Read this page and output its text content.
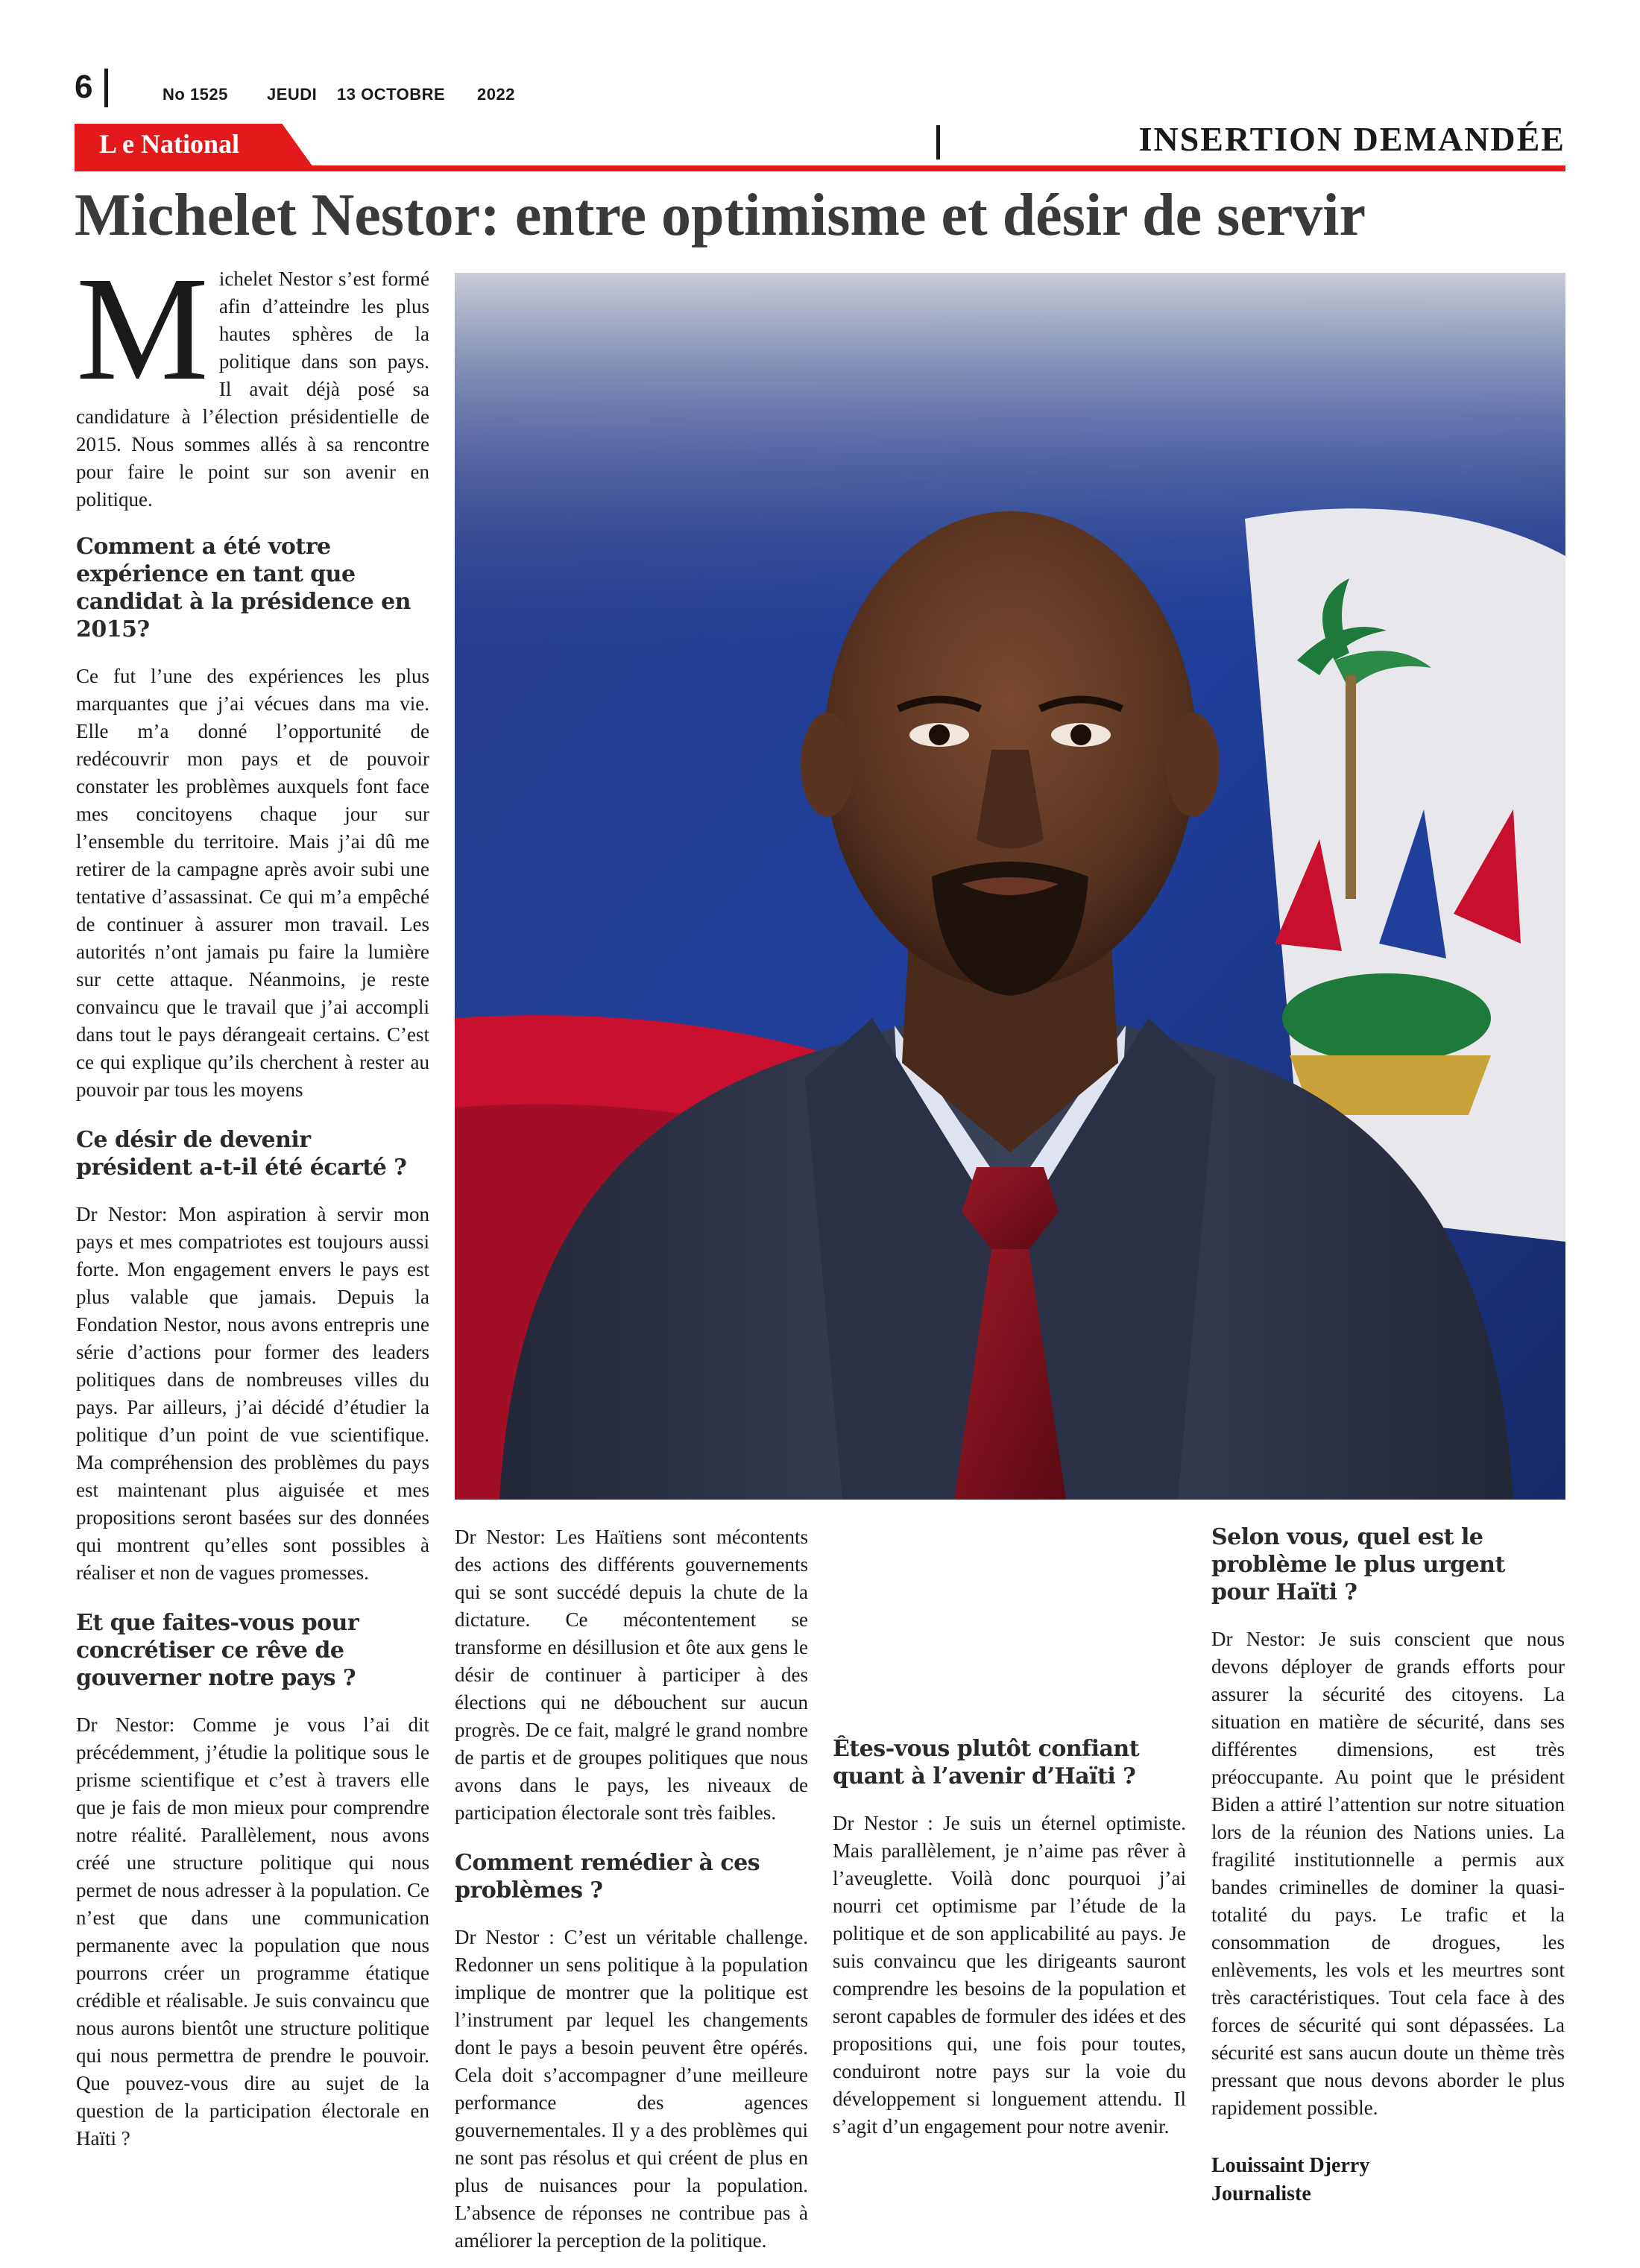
6	No 1525 JEUDI 13 OCTOBRE 2022
L e National	INSERTION DEMANDÉE
Michelet Nestor: entre optimisme et désir de servir

Michelet Nestor s’est formé afin d’atteindre les plus hautes sphères de la politique dans son pays. Il avait déjà posé sa candidature à l’élection présidentielle de 2015. Nous sommes allés à sa rencontre pour faire le point sur son avenir en politique.

Comment a été votre expérience en tant que candidat à la présidence en 2015?

Ce fut l’une des expériences les plus marquantes que j’ai vécues dans ma vie. Elle m’a donné l’opportunité de redécouvrir mon pays et de pouvoir constater les problèmes auxquels font face mes concitoyens chaque jour sur l’ensemble du territoire. Mais j’ai dû me retirer de la campagne après avoir subi une tentative d’assassinat. Ce qui m’a empêché de continuer à assurer mon travail. Les autorités n’ont jamais pu faire la lumière sur cette attaque. Néanmoins, je reste convaincu que le travail que j’ai accompli dans tout le pays dérangeait certains. C’est ce qui explique qu’ils cherchent à rester au pouvoir par tous les moyens

Ce désir de devenir président a-t-il été écarté ?

Dr Nestor: Mon aspiration à servir mon pays et mes compatriotes est toujours aussi forte. Mon engagement envers le pays est plus valable que jamais. Depuis la Fondation Nestor, nous avons entrepris une série d’actions pour former des leaders politiques dans de nombreuses villes du pays. Par ailleurs, j’ai décidé d’étudier la politique d’un point de vue scientifique. Ma compréhension des problèmes du pays est maintenant plus aiguisée et mes propositions seront basées sur des données qui montrent qu’elles sont possibles à réaliser et non de vagues promesses.

Et que faites-vous pour concrétiser ce rêve de gouverner notre pays ?

Dr Nestor: Comme je vous l’ai dit précédemment, j’étudie la politique sous le prisme scientifique et c’est à travers elle que je fais de mon mieux pour comprendre notre réalité. Parallèlement, nous avons créé une structure politique qui nous permet de nous adresser à la population. Ce n’est que dans une communication permanente avec la population que nous pourrons créer un programme étatique crédible et réalisable. Je suis convaincu que nous aurons bientôt une structure politique qui nous permettra de prendre le pouvoir. Que pouvez-vous dire au sujet de la question de la participation électorale en Haïti ?

Dr Nestor: Les Haïtiens sont mécontents des actions des différents gouvernements qui se sont succédé depuis la chute de la dictature. Ce mécontentement se transforme en désillusion et ôte aux gens le désir de continuer à participer à des élections qui ne débouchent sur aucun progrès. De ce fait, malgré le grand nombre de partis et de groupes politiques que nous avons dans le pays, les niveaux de participation électorale sont très faibles.

Comment remédier à ces problèmes ?

Dr Nestor : C’est un véritable challenge. Redonner un sens politique à la population implique de montrer que la politique est l’instrument par lequel les changements dont le pays a besoin peuvent être opérés. Cela doit s’accompagner d’une meilleure performance des agences gouvernementales. Il y a des problèmes qui ne sont pas résolus et qui créent de plus en plus de nuisances pour la population. L’absence de réponses ne contribue pas à améliorer la perception de la politique.

Êtes-vous plutôt confiant quant à l’avenir d’Haïti ?

Dr Nestor : Je suis un éternel optimiste. Mais parallèlement, je n’aime pas rêver à l’aveuglette. Voilà donc pourquoi j’ai nourri cet optimisme par l’étude de la politique et de son applicabilité au pays. Je suis convaincu que les dirigeants sauront comprendre les besoins de la population et seront capables de formuler des idées et des propositions qui, une fois pour toutes, conduiront notre pays sur la voie du développement si longuement attendu. Il s’agit d’un engagement pour notre avenir.

Selon vous, quel est le problème le plus urgent pour Haïti ?

Dr Nestor: Je suis conscient que nous devons déployer de grands efforts pour assurer la sécurité des citoyens. La situation en matière de sécurité, dans ses différentes dimensions, est très préoccupante. Au point que le président Biden a attiré l’attention sur notre situation lors de la réunion des Nations unies. La fragilité institutionnelle a permis aux bandes criminelles de dominer la quasi-totalité du pays. Le trafic et la consommation de drogues, les enlèvements, les vols et les meurtres sont très caractéristiques. Tout cela face à des forces de sécurité qui sont dépassées. La sécurité est sans aucun doute un thème très pressant que nous devons aborder le plus rapidement possible.

Louissaint Djerry
Journaliste
